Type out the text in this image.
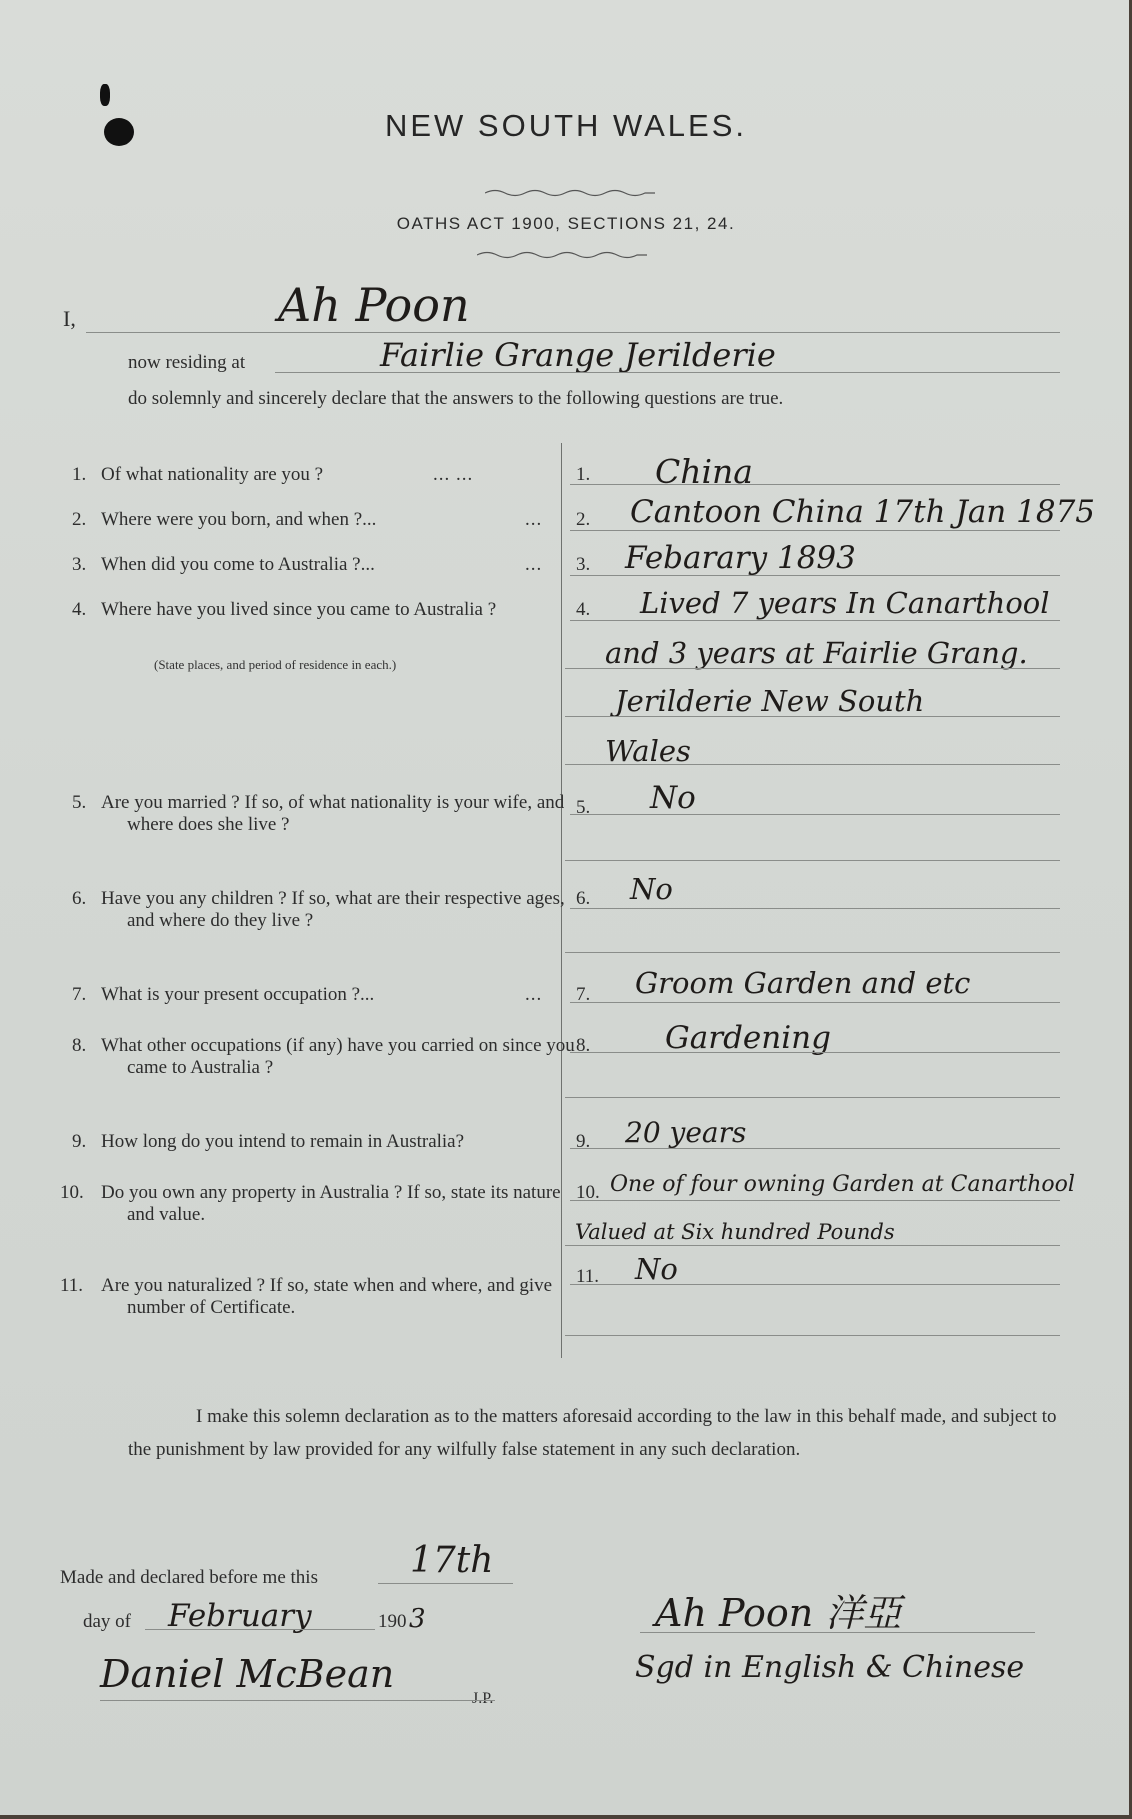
NEW SOUTH WALES.
OATHS ACT 1900, SECTIONS 21, 24.
I,	Ah Poon
now residing at	Fairlie Grange Jerilderie
do solemnly and sincerely declare that the answers to the following questions are true.
1. Of what nationality are you ?	... ...	1. China
2. Where were you born, and when ?...	... 2. Cantoon China 17th Jan 1875
3. When did you come to Australia ?...	... 3. Febarary 1893
4. Where have you lived since you came to Australia ?
(State places, and period of residence in each.)
4. Lived 7 years In Canarthool
and 3 years at Fairlie Grang.
Jerilderie New South
Wales
5. Are you married ? If so, of what nationality is your wife, and where does she live ?
5. No
6. Have you any children ? If so, what are their respective ages, and where do they live ?
6. No
7. What is your present occupation ?...	... 7. Groom Garden and etc
8. What other occupations (if any) have you carried on since you came to Australia ?
8. Gardening
9. How long do you intend to remain in Australia?	9. 20 years
10. Do you own any property in Australia ? If so, state its nature and value.
10. One of four owning Garden at Canarthool
Valued at Six hundred Pounds
11. Are you naturalized ? If so, state when and where, and give number of Certificate.
11. No
I make this solemn declaration as to the matters aforesaid according to the law in this behalf made, and subject to the punishment by law provided for any wilfully false statement in any such declaration.
Made and declared before me this	17th
day of February	190 3
Daniel McBean
J.P.
Ah Poon 洋亞
Sgd in English & Chinese
